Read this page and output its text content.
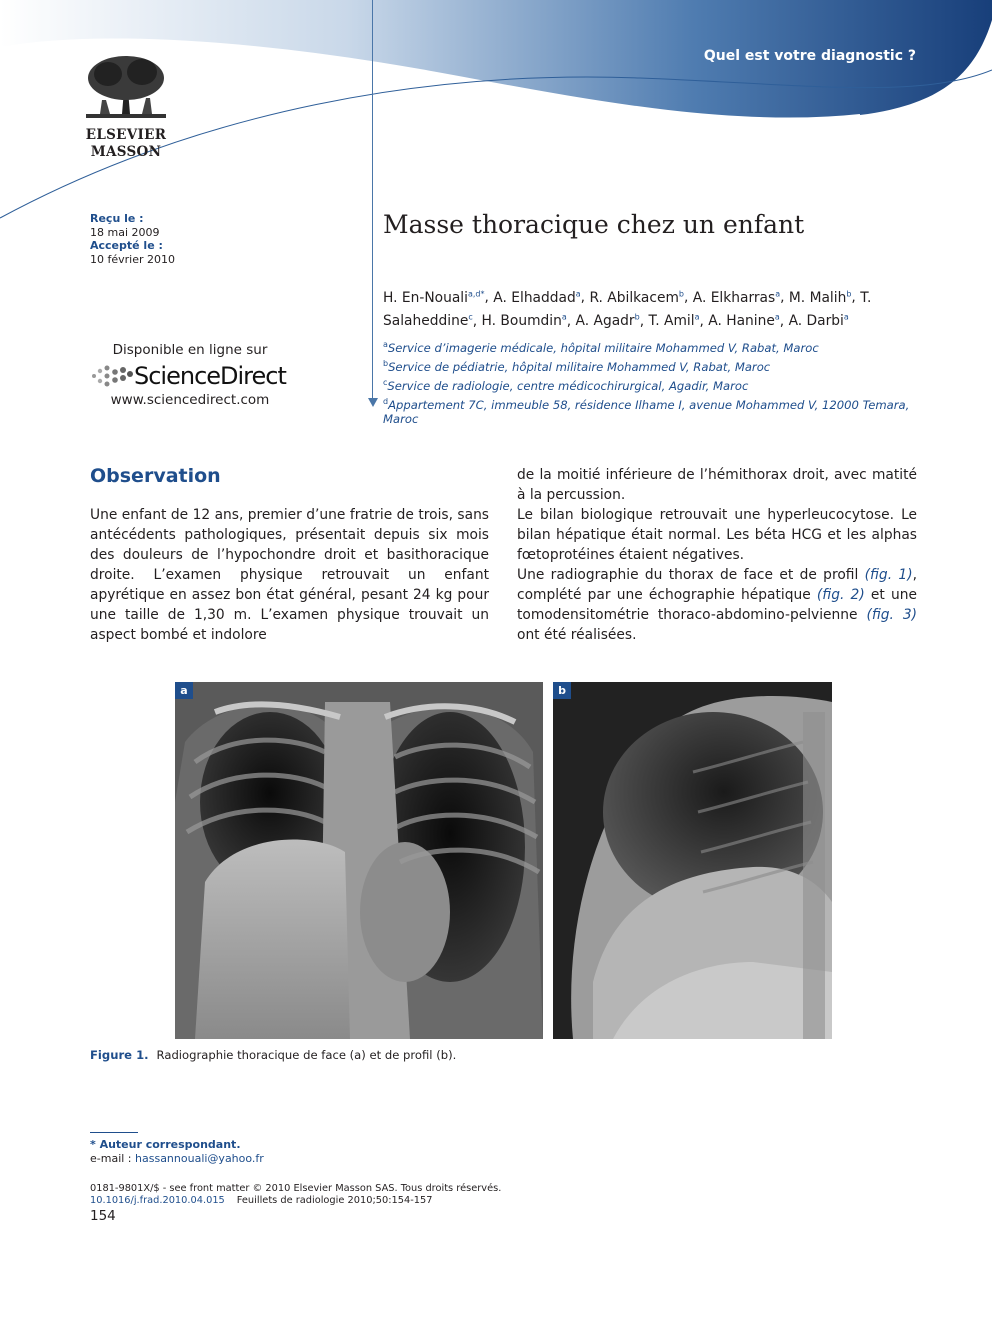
Quel est votre diagnostic ?
ELSEVIER
MASSON
Reçu le :
18 mai 2009
Accepté le :
10 février 2010
Disponible en ligne sur
ScienceDirect
www.sciencedirect.com
Masse thoracique chez un enfant
H. En-Nouali$^{a,d*}$, A. Elhaddad$^a$, R. Abilkacem$^b$, A. Elkharras$^a$, M. Malih$^b$, T. Salaheddine$^c$, H. Boumdin$^a$, A. Agadr$^b$, T. Amil$^a$, A. Hanine$^a$, A. Darbi$^a$
$^a$Service d’imagerie médicale, hôpital militaire Mohammed V, Rabat, Maroc
$^b$Service de pédiatrie, hôpital militaire Mohammed V, Rabat, Maroc
$^c$Service de radiologie, centre médicochirurgical, Agadir, Maroc
$^d$Appartement 7C, immeuble 58, résidence Ilhame I, avenue Mohammed V, 12000 Temara, Maroc
Observation

Une enfant de 12 ans, premier d’une fratrie de trois, sans antécédents pathologiques, présentait depuis six mois des douleurs de l’hypochondre droit et basithoracique droite. L’examen physique retrouvait un enfant apyrétique en assez bon état général, pesant 24 kg pour une taille de 1,30 m. L’examen physique trouvait un aspect bombé et indolore

de la moitié inférieure de l’hémithorax droit, avec matité à la percussion.

Le bilan biologique retrouvait une hyperleucocytose. Le bilan hépatique était normal. Les béta HCG et les alphas fœtoprotéines étaient négatives.

Une radiographie du thorax de face et de profil (fig. 1), complété par une échographie hépatique (fig. 2) et une tomodensitométrie thoraco-abdomino-pelvienne (fig. 3) ont été réalisées.

a	b
Figure 1. Radiographie thoracique de face (a) et de profil (b).
* Auteur correspondant.
e-mail : hassannouali@yahoo.fr
0181-9801X/$ - see front matter © 2010 Elsevier Masson SAS. Tous droits réservés.
10.1016/j.frad.2010.04.015 Feuillets de radiologie 2010;50:154-157
154
